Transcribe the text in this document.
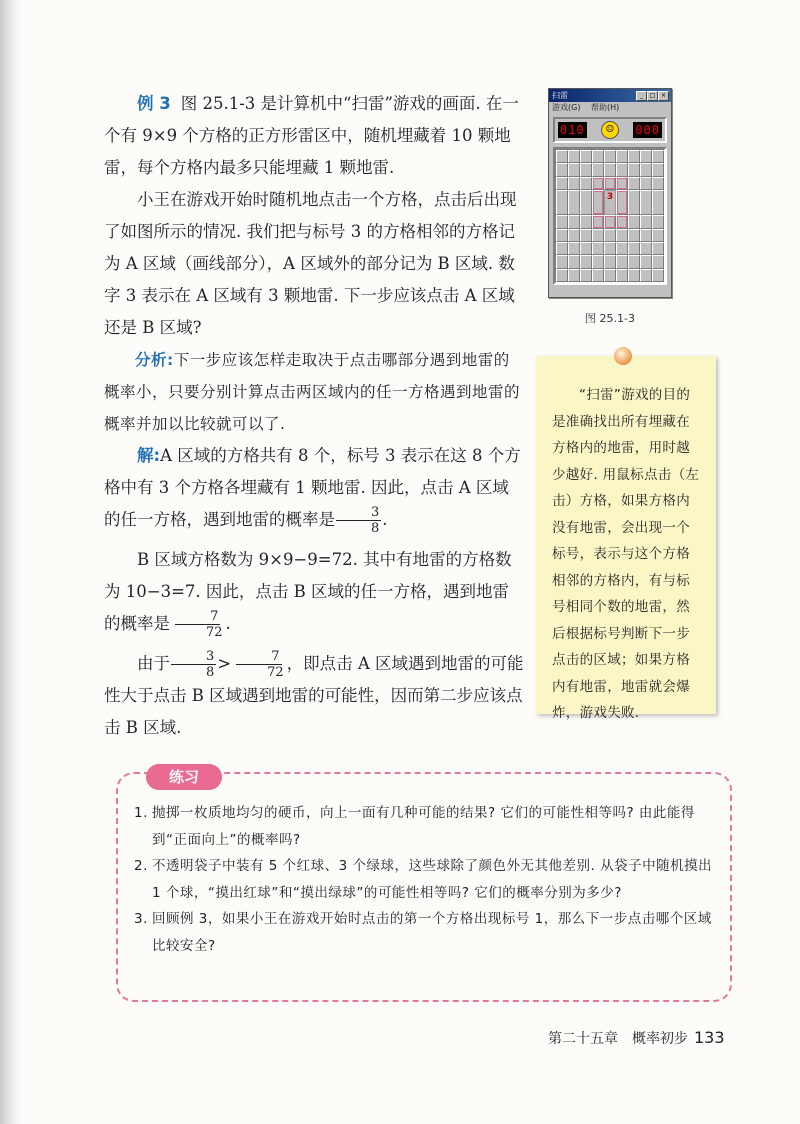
例 3 图 25.1-3 是计算机中“扫雷”游戏的画面. 在一个有 9×9 个方格的正方形雷区中，随机埋藏着 10 颗地雷，每个方格内最多只能埋藏 1 颗地雷.

小王在游戏开始时随机地点击一个方格，点击后出现了如图所示的情况. 我们把与标号 3 的方格相邻的方格记为 A 区域（画线部分），A 区域外的部分记为 B 区域. 数字 3 表示在 A 区域有 3 颗地雷. 下一步应该点击 A 区域还是 B 区域?

分析:下一步应该怎样走取决于点击哪部分遇到地雷的概率小，只要分别计算点击两区域内的任一方格遇到地雷的概率并加以比较就可以了.

解:A 区域的方格共有 8 个，标号 3 表示在这 8 个方格中有 3 个方格各埋藏有 1 颗地雷. 因此，点击 A 区域的任一方格，遇到地雷的概率是 $\frac{3}{8}$ .

B 区域方格数为 9×9−9=72. 其中有地雷的方格数为 10−3=7. 因此，点击 B 区域的任一方格，遇到地雷的概率是 $\frac{7}{72}$ .

由于 $\frac{3}{8} > \frac{7}{72}$ ，即点击 A 区域遇到地雷的可能性大于点击 B 区域遇到地雷的可能性，因而第二步应该点击 B 区域.

扫雷	_	□ ×
游戏(G) 帮助(H)
010	☺	000
3
图 25.1-3
“扫雷”游戏的目的是准确找出所有埋藏在方格内的地雷，用时越少越好. 用鼠标点击（左击）方格，如果方格内没有地雷，会出现一个标号，表示与这个方格相邻的方格内，有与标号相同个数的地雷，然后根据标号判断下一步点击的区域；如果方格内有地雷，地雷就会爆炸，游戏失败.
练习
1. 抛掷一枚质地均匀的硬币，向上一面有几种可能的结果? 它们的可能性相等吗? 由此能得到“正面向上”的概率吗?
2. 不透明袋子中装有 5 个红球、3 个绿球，这些球除了颜色外无其他差别. 从袋子中随机摸出 1 个球，“摸出红球”和“摸出绿球”的可能性相等吗? 它们的概率分别为多少?
3. 回顾例 3，如果小王在游戏开始时点击的第一个方格出现标号 1，那么下一步点击哪个区域比较安全?
第二十五章　概率初步 133
